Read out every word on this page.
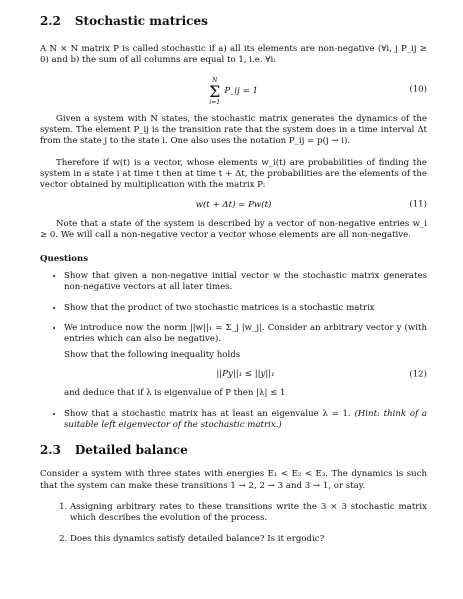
2.2 Stochastic matrices

A N × N matrix P is called stochastic if a) all its elements are non-negative (∀i, j P_ij ≥ 0) and b) the sum of all columns are equal to 1, i.e. ∀i:

N
Σ
i=1
P_ij = 1	(10)

Given a system with N states, the stochastic matrix generates the dynamics of the system. The element P_ij is the transition rate that the system does in a time interval Δt from the state j to the state i. One also uses the notation P_ij = p(j → i).

Therefore if w(t) is a vector, whose elements w_i(t) are probabilities of finding the system in a state i at time t then at time t + Δt, the probabilities are the elements of the vector obtained by multiplication with the matrix P:

w(t + Δt) = Pw(t)	(11)

Note that a state of the system is described by a vector of non-negative entries w_i ≥ 0. We will call a non-negative vector a vector whose elements are all non-negative.

Questions
• Show that given a non-negative initial vector w the stochastic matrix generates non-negative vectors at all later times.
• Show that the product of two stochastic matrices is a stochastic matrix

• We introduce now the norm ||w||₁ = Σ_j |w_j|. Consider an arbitrary vector y (with entries which can also be negative).

Show that the following inequality holds

||Py||₁ ≤ ||y||₁	(12)

and deduce that if λ is eigenvalue of P then |λ| ≤ 1

• Show that a stochastic matrix has at least an eigenvalue λ = 1. (Hint: think of a suitable left eigenvector of the stochastic matrix.)
2.3 Detailed balance

Consider a system with three states with energies E₁ < E₂ < E₃. The dynamics is such that the system can make these transitions 1 → 2, 2 → 3 and 3 → 1, or stay.

1. Assigning arbitrary rates to these transitions write the 3 × 3 stochastic matrix which describes the evolution of the process.
2. Does this dynamics satisfy detailed balance? Is it ergodic?
